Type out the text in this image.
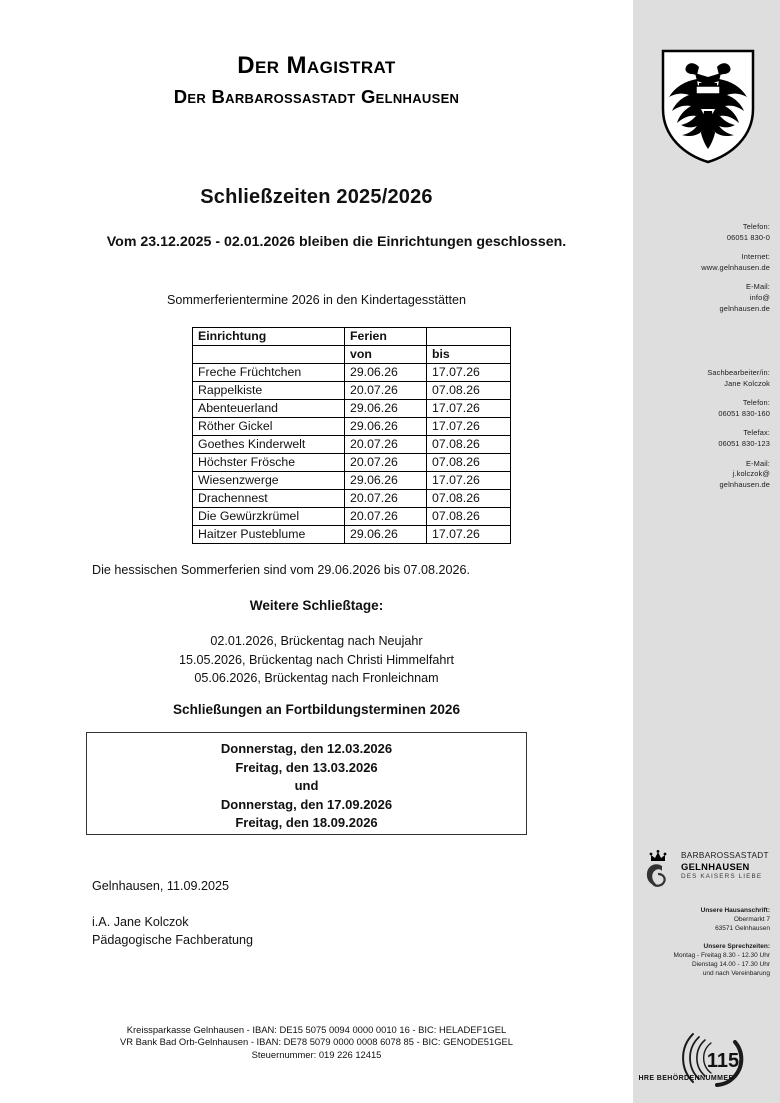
Der Magistrat
Der Barbarossastadt Gelnhausen
Schließzeiten 2025/2026
Vom 23.12.2025 - 02.01.2026 bleiben die Einrichtungen geschlossen.
Sommerferientermine 2026 in den Kindertagesstätten
Einrichtung	Ferien	
	von	bis
Freche Früchtchen	29.06.26	17.07.26
Rappelkiste	20.07.26	07.08.26
Abenteuerland	29.06.26	17.07.26
Röther Gickel	29.06.26	17.07.26
Goethes Kinderwelt	20.07.26	07.08.26
Höchster Frösche	20.07.26	07.08.26
Wiesenzwerge	29.06.26	17.07.26
Drachennest	20.07.26	07.08.26
Die Gewürzkrümel	20.07.26	07.08.26
Haitzer Pusteblume	29.06.26	17.07.26
Die hessischen Sommerferien sind vom 29.06.2026 bis 07.08.2026.
Weitere Schließtage:
02.01.2026, Brückentag nach Neujahr
15.05.2026, Brückentag nach Christi Himmelfahrt
05.06.2026, Brückentag nach Fronleichnam
Schließungen an Fortbildungsterminen 2026
Donnerstag, den 12.03.2026
Freitag, den 13.03.2026
und
Donnerstag, den 17.09.2026
Freitag, den 18.09.2026
Gelnhausen, 11.09.2025
i.A. Jane Kolczok
Pädagogische Fachberatung
Kreissparkasse Gelnhausen - IBAN: DE15 5075 0094 0000 0010 16 - BIC: HELADEF1GEL
VR Bank Bad Orb-Gelnhausen - IBAN: DE78 5079 0000 0008 6078 85 - BIC: GENODE51GEL
Steuernummer: 019 226 12415
Telefon:
06051 830-0
Internet:
www.gelnhausen.de
E-Mail:
info@
gelnhausen.de
Sachbearbeiter/in:
Jane Kolczok
Telefon:
06051 830-160
Telefax:
06051 830-123
E-Mail:
j.kolczok@
gelnhausen.de
BARBAROSSASTADT
GELNHAUSEN
DES KAISERS LIEBE
Unsere Hausanschrift:
Obermarkt 7
63571 Gelnhausen
Unsere Sprechzeiten:
Montag - Freitag 8.30 - 12.30 Uhr
Dienstag 14.00 - 17.30 Uhr
und nach Vereinbarung
115
IHRE BEHÖRDENNUMMER
